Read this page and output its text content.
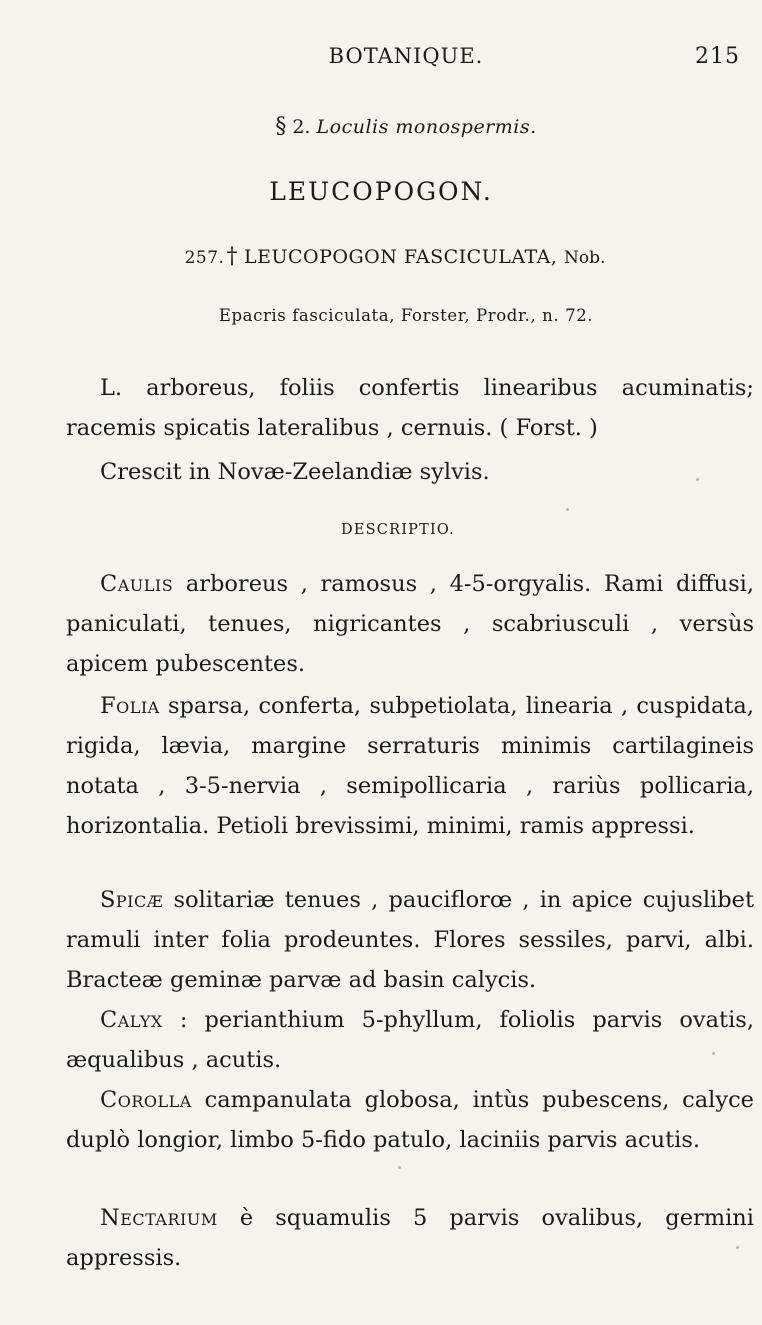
BOTANIQUE.	215
§ 2. Loculis monospermis.
LEUCOPOGON.
257.† LEUCOPOGON FASCICULATA, Nob.
Epacris fasciculata, Forster, Prodr., n. 72.

L. arboreus, foliis confertis linearibus acuminatis; racemis spicatis lateralibus , cernuis. ( Forst. )

Crescit in Novæ-Zeelandiæ sylvis.

DESCRIPTIO.

Caulis arboreus , ramosus , 4-5-orgyalis. Rami diffusi, paniculati, tenues, nigricantes , scabriusculi , versùs apicem pubescentes.

Folia sparsa, conferta, subpetiolata, linearia , cuspidata, rigida, lævia, margine serraturis minimis cartilagineis notata , 3-5-nervia , semipollicaria , rariùs pollicaria, horizontalia. Petioli brevissimi, minimi, ramis appressi.

Spicæ solitariæ tenues , pauciflorœ , in apice cujuslibet ramuli inter folia prodeuntes. Flores sessiles, parvi, albi. Bracteæ geminæ parvæ ad basin calycis.

Calyx : perianthium 5-phyllum, foliolis parvis ovatis, æqualibus , acutis.

Corolla campanulata globosa, intùs pubescens, calyce duplò longior, limbo 5-fido patulo, laciniis parvis acutis.

Nectarium è squamulis 5 parvis ovalibus, germini appressis.
